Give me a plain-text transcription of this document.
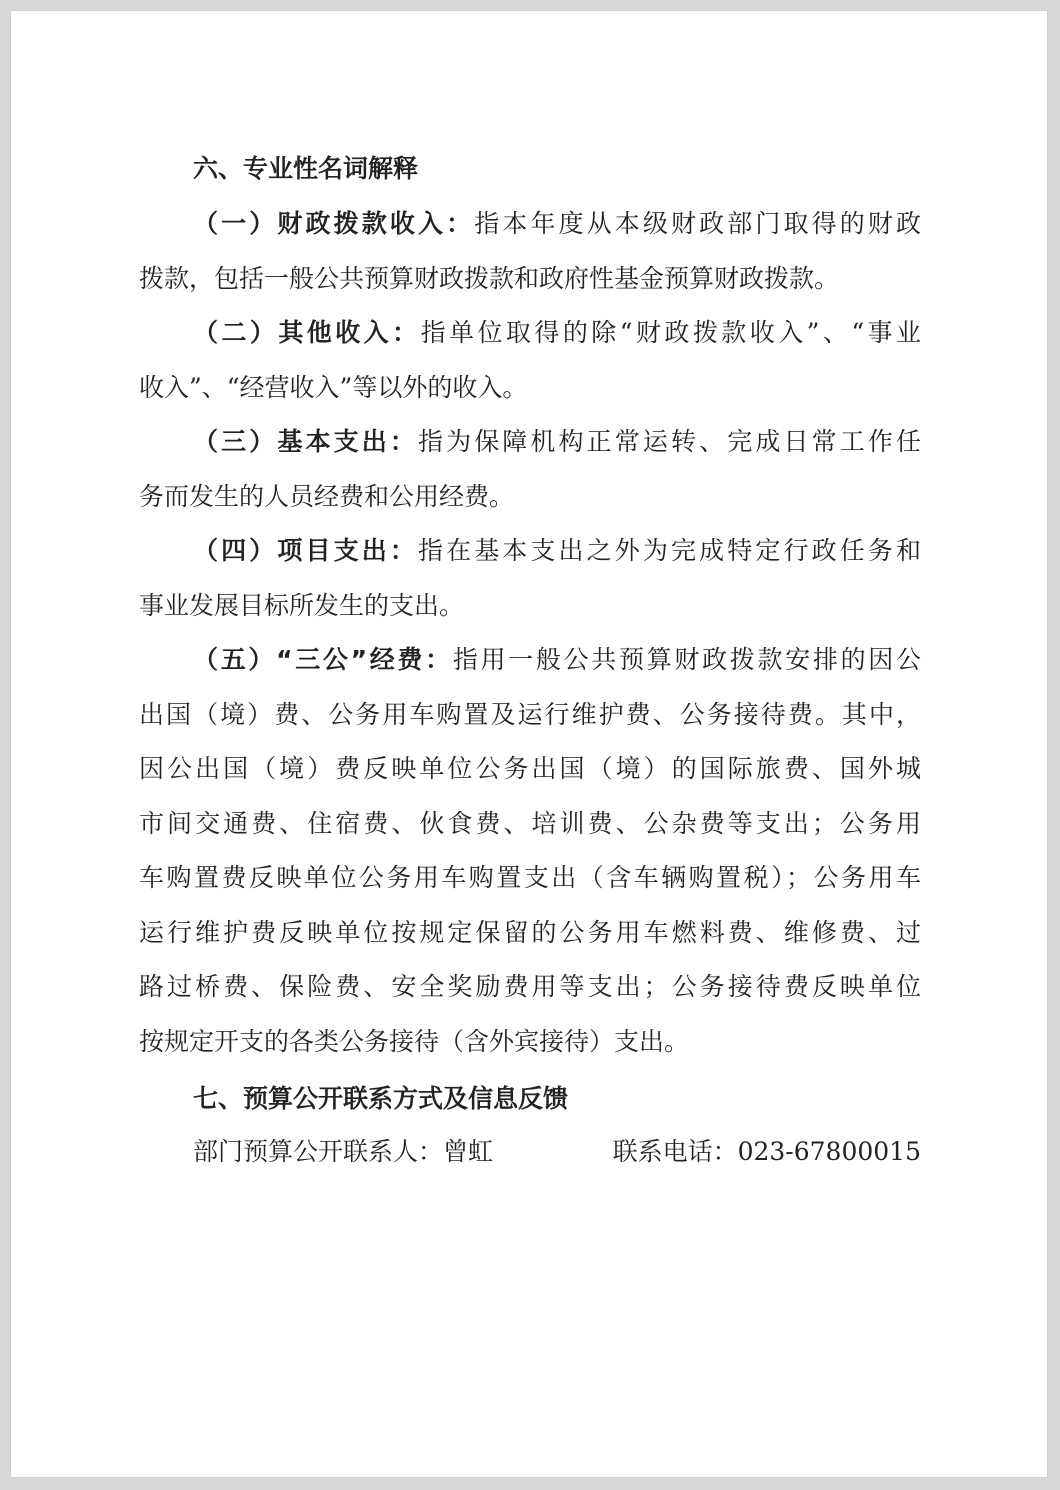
六、专业性名词解释
（一）财政拨款收入：指本年度从本级财政部门取得的财政
拨款，包括一般公共预算财政拨款和政府性基金预算财政拨款。
（二）其他收入：指单位取得的除“财政拨款收入”、“事业
收入”、“经营收入”等以外的收入。
（三）基本支出：指为保障机构正常运转、完成日常工作任
务而发生的人员经费和公用经费。
（四）项目支出：指在基本支出之外为完成特定行政任务和
事业发展目标所发生的支出。
（五）“三公”经费：指用一般公共预算财政拨款安排的因公
出国（境）费、公务用车购置及运行维护费、公务接待费。其中，
因公出国（境）费反映单位公务出国（境）的国际旅费、国外城
市间交通费、住宿费、伙食费、培训费、公杂费等支出；公务用
车购置费反映单位公务用车购置支出（含车辆购置税）；公务用车
运行维护费反映单位按规定保留的公务用车燃料费、维修费、过
路过桥费、保险费、安全奖励费用等支出；公务接待费反映单位
按规定开支的各类公务接待（含外宾接待）支出。
七、预算公开联系方式及信息反馈

部门预算公开联系人：曾虹	联系电话：023-67800015
